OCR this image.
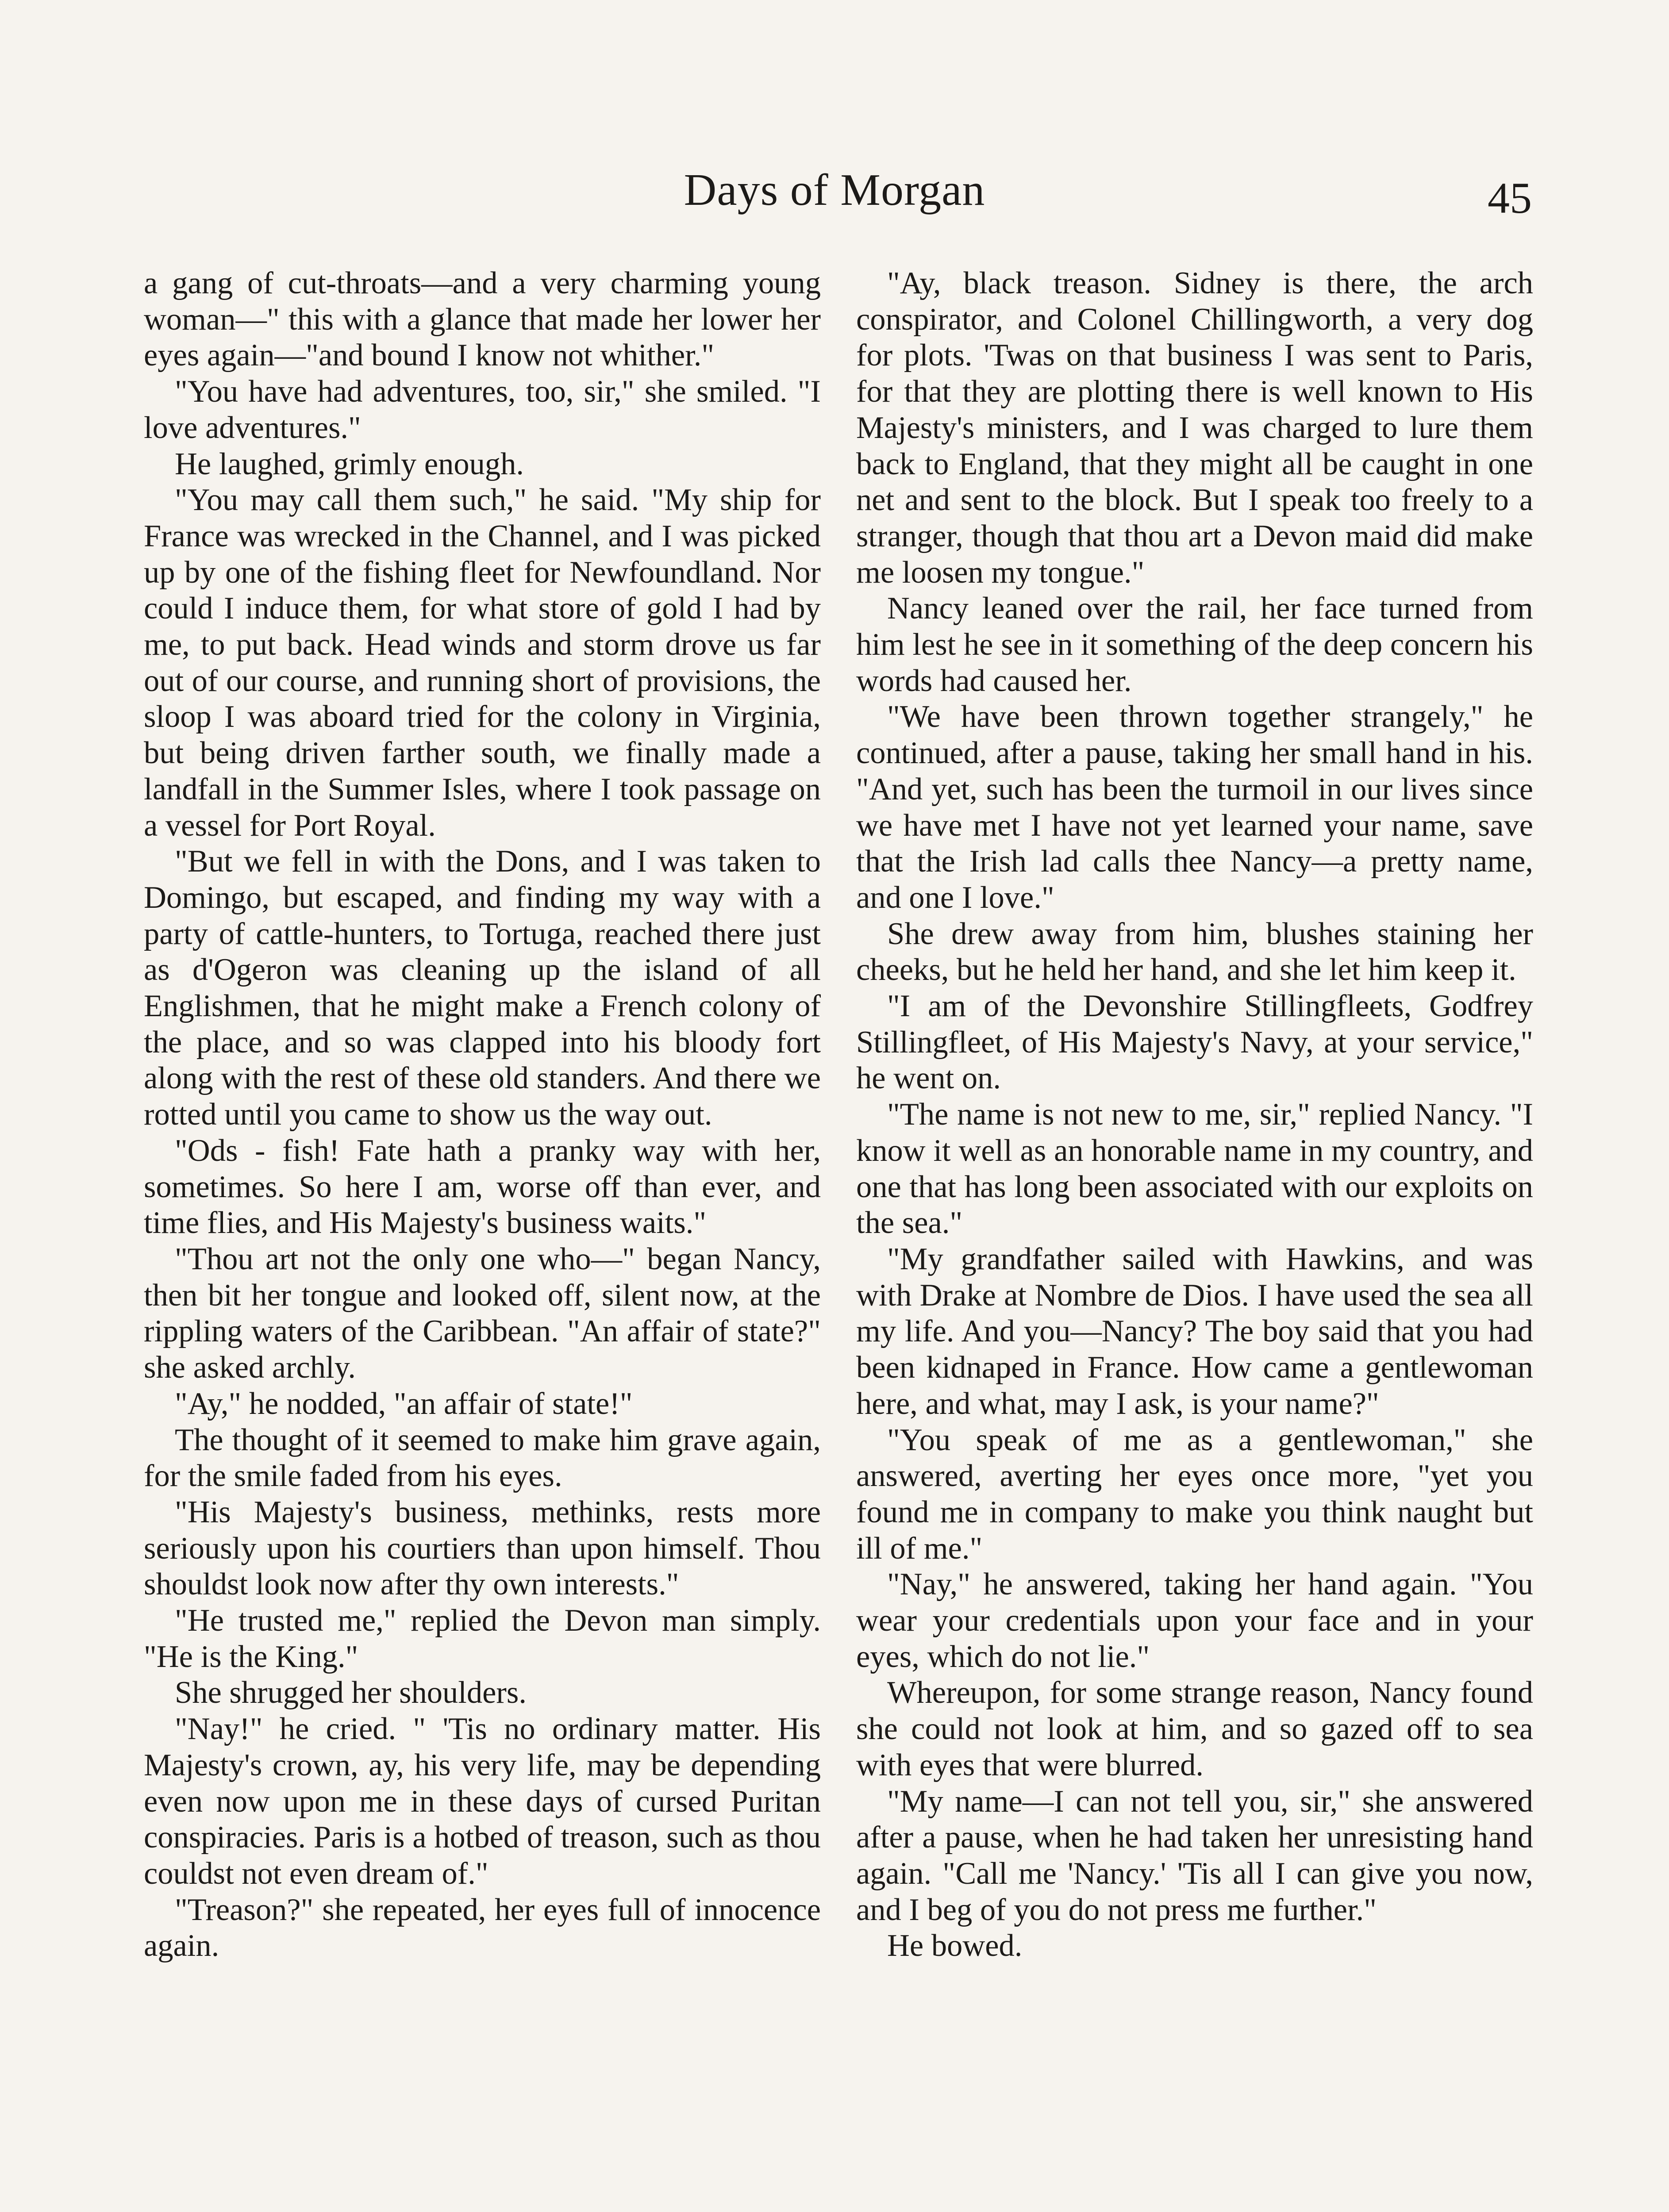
Days of Morgan	45

a gang of cut-throats—and a very charming young woman—" this with a glance that made her lower her eyes again—"and bound I know not whither."

"You have had adventures, too, sir," she smiled. "I love adventures."

He laughed, grimly enough.

"You may call them such," he said. "My ship for France was wrecked in the Channel, and I was picked up by one of the fishing fleet for Newfoundland. Nor could I induce them, for what store of gold I had by me, to put back. Head winds and storm drove us far out of our course, and running short of provisions, the sloop I was aboard tried for the colony in Virginia, but being driven farther south, we finally made a landfall in the Summer Isles, where I took passage on a vessel for Port Royal.

"But we fell in with the Dons, and I was taken to Domingo, but escaped, and finding my way with a party of cattle-hunters, to Tortuga, reached there just as d'Ogeron was cleaning up the island of all Englishmen, that he might make a French colony of the place, and so was clapped into his bloody fort along with the rest of these old standers. And there we rotted until you came to show us the way out.

"Ods - fish! Fate hath a pranky way with her, sometimes. So here I am, worse off than ever, and time flies, and His Majesty's business waits."

"Thou art not the only one who—" began Nancy, then bit her tongue and looked off, silent now, at the rippling waters of the Caribbean. "An affair of state?" she asked archly.

"Ay," he nodded, "an affair of state!"

The thought of it seemed to make him grave again, for the smile faded from his eyes.

"His Majesty's business, methinks, rests more seriously upon his courtiers than upon himself. Thou shouldst look now after thy own interests."

"He trusted me," replied the Devon man simply. "He is the King."

She shrugged her shoulders.

"Nay!" he cried. " 'Tis no ordinary matter. His Majesty's crown, ay, his very life, may be depending even now upon me in these days of cursed Puritan conspiracies. Paris is a hotbed of treason, such as thou couldst not even dream of."

"Treason?" she repeated, her eyes full of innocence again.

"Ay, black treason. Sidney is there, the arch conspirator, and Colonel Chillingworth, a very dog for plots. 'Twas on that business I was sent to Paris, for that they are plotting there is well known to His Majesty's ministers, and I was charged to lure them back to England, that they might all be caught in one net and sent to the block. But I speak too freely to a stranger, though that thou art a Devon maid did make me loosen my tongue."

Nancy leaned over the rail, her face turned from him lest he see in it something of the deep concern his words had caused her.

"We have been thrown together strangely," he continued, after a pause, taking her small hand in his. "And yet, such has been the turmoil in our lives since we have met I have not yet learned your name, save that the Irish lad calls thee Nancy—a pretty name, and one I love."

She drew away from him, blushes staining her cheeks, but he held her hand, and she let him keep it.

"I am of the Devonshire Stillingfleets, Godfrey Stillingfleet, of His Majesty's Navy, at your service," he went on.

"The name is not new to me, sir," replied Nancy. "I know it well as an honorable name in my country, and one that has long been associated with our exploits on the sea."

"My grandfather sailed with Hawkins, and was with Drake at Nombre de Dios. I have used the sea all my life. And you—Nancy? The boy said that you had been kidnaped in France. How came a gentlewoman here, and what, may I ask, is your name?"

"You speak of me as a gentlewoman," she answered, averting her eyes once more, "yet you found me in company to make you think naught but ill of me."

"Nay," he answered, taking her hand again. "You wear your credentials upon your face and in your eyes, which do not lie."

Whereupon, for some strange reason, Nancy found she could not look at him, and so gazed off to sea with eyes that were blurred.

"My name—I can not tell you, sir," she answered after a pause, when he had taken her unresisting hand again. "Call me 'Nancy.' 'Tis all I can give you now, and I beg of you do not press me further."

He bowed.
